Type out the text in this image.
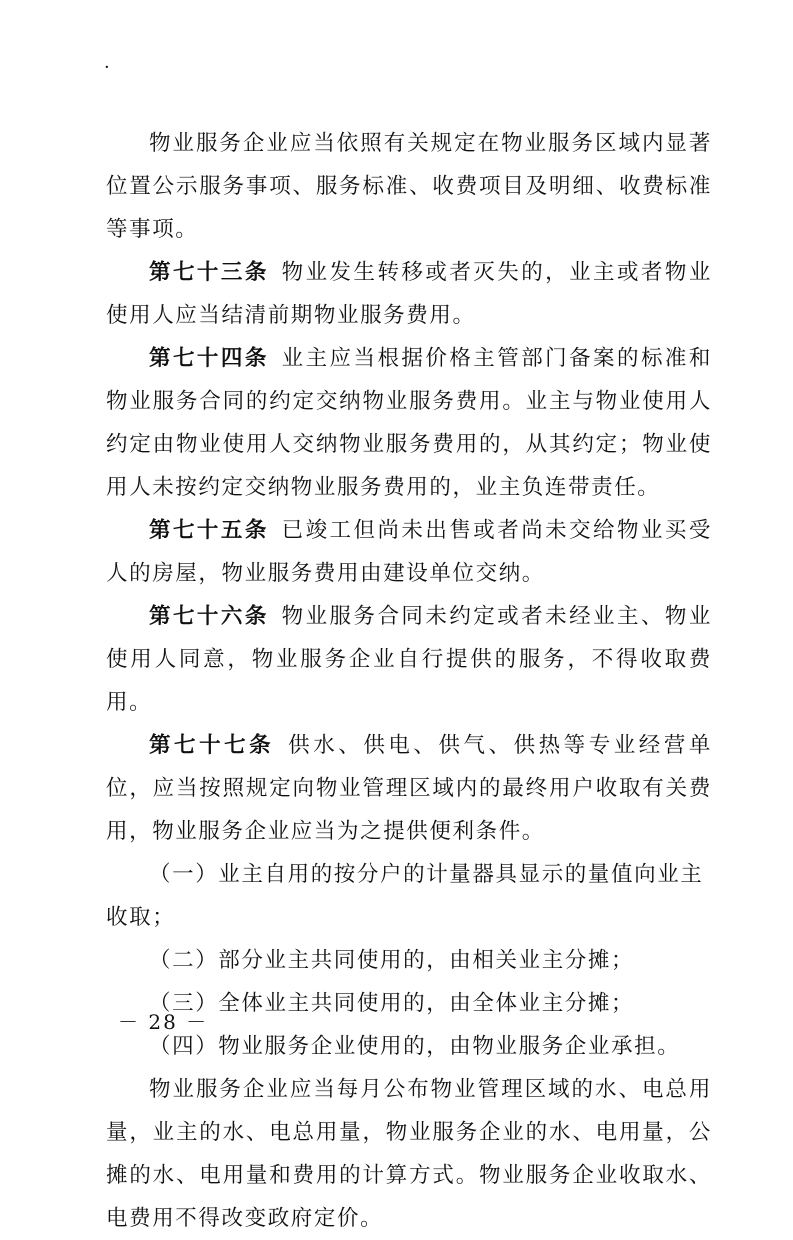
·

物业服务企业应当依照有关规定在物业服务区域内显著位置公示服务事项、服务标准、收费项目及明细、收费标准等事项。

第七十三条 物业发生转移或者灭失的，业主或者物业使用人应当结清前期物业服务费用。

第七十四条 业主应当根据价格主管部门备案的标准和物业服务合同的约定交纳物业服务费用。业主与物业使用人约定由物业使用人交纳物业服务费用的，从其约定；物业使用人未按约定交纳物业服务费用的，业主负连带责任。

第七十五条 已竣工但尚未出售或者尚未交给物业买受人的房屋，物业服务费用由建设单位交纳。

第七十六条 物业服务合同未约定或者未经业主、物业使用人同意，物业服务企业自行提供的服务，不得收取费用。

第七十七条 供水、供电、供气、供热等专业经营单位，应当按照规定向物业管理区域内的最终用户收取有关费用，物业服务企业应当为之提供便利条件。

（一）业主自用的按分户的计量器具显示的量值向业主收取；

（二）部分业主共同使用的，由相关业主分摊；

（三）全体业主共同使用的，由全体业主分摊；

（四）物业服务企业使用的，由物业服务企业承担。

物业服务企业应当每月公布物业管理区域的水、电总用量，业主的水、电总用量，物业服务企业的水、电用量，公摊的水、电用量和费用的计算方式。物业服务企业收取水、电费用不得改变政府定价。

－ 28 －
